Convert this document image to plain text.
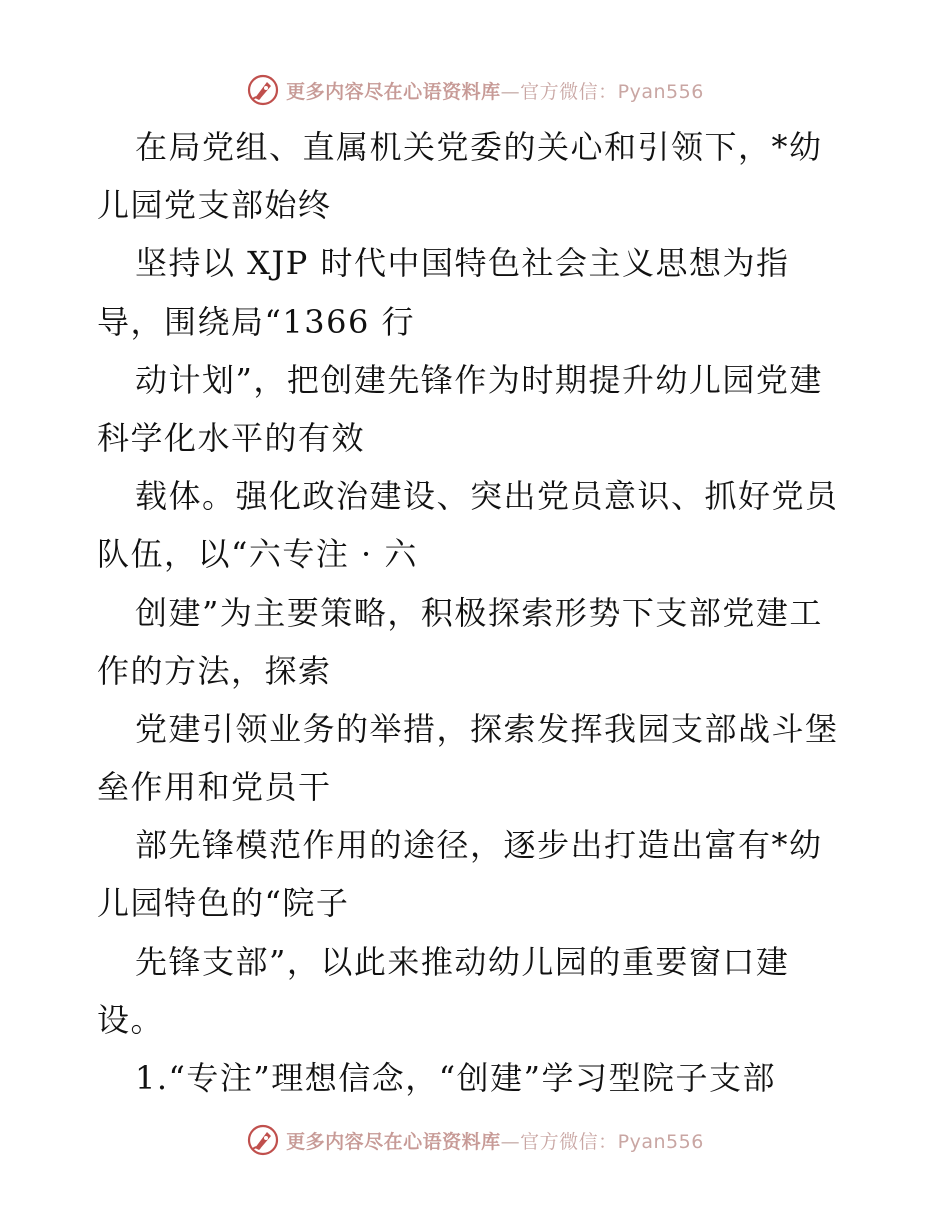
更多内容尽在心语资料库—官方微信：Pyan556
在局党组、直属机关党委的关心和引领下，*幼
儿园党支部始终
坚持以 XJP 时代中国特色社会主义思想为指
导，围绕局“1366 行
动计划”，把创建先锋作为时期提升幼儿园党建
科学化水平的有效
载体。强化政治建设、突出党员意识、抓好党员
队伍，以“六专注 · 六
创建”为主要策略，积极探索形势下支部党建工
作的方法，探索
党建引领业务的举措，探索发挥我园支部战斗堡
垒作用和党员干
部先锋模范作用的途径，逐步出打造出富有*幼
儿园特色的“院子
先锋支部”，以此来推动幼儿园的重要窗口建
设。
1.“专注”理想信念，“创建”学习型院子支部
更多内容尽在心语资料库—官方微信：Pyan556
